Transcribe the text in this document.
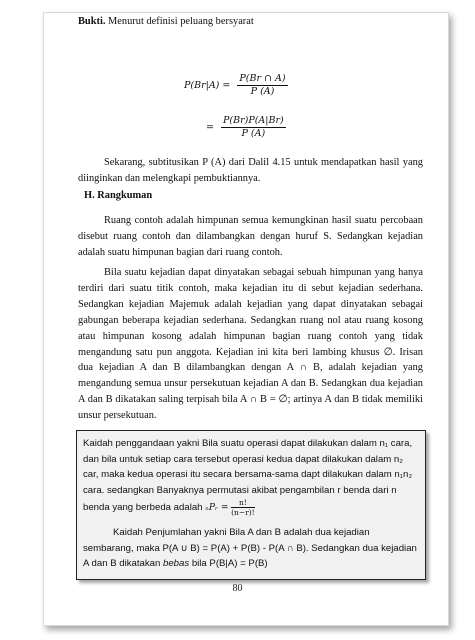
Bukti. Menurut definisi peluang bersyarat
$P(Br|A) = \frac{P(Br \cap A)}{P (A)}$
= $\frac{P(Br)P(A|Br)}{P (A)}$
Sekarang, subtitusikan P (A) dari Dalil 4.15 untuk mendapatkan hasil yang diinginkan dan melengkapi pembuktiannya.
H. Rangkuman
Ruang contoh adalah himpunan semua kemungkinan hasil suatu percobaan disebut ruang contoh dan dilambangkan dengan huruf S. Sedangkan kejadian adalah suatu himpunan bagian dari ruang contoh.
Bila suatu kejadian dapat dinyatakan sebagai sebuah himpunan yang hanya terdiri dari suatu titik contoh, maka kejadian itu di sebut kejadian sederhana. Sedangkan kejadian Majemuk adalah kejadian yang dapat dinyatakan sebagai gabungan beberapa kejadian sederhana. Sedangkan ruang nol atau ruang kosong atau himpunan kosong adalah himpunan bagian ruang contoh yang tidak mengandung satu pun anggota. Kejadian ini kita beri lambing khusus ∅. Irisan dua kejadian A dan B dilambangkan dengan A ∩ B, adalah kejadian yang mengandung semua unsur persekutuan kejadian A dan B. Sedangkan dua kejadian A dan B dikatakan saling terpisah bila A ∩ B = ∅; artinya A dan B tidak memiliki unsur persekutuan.
Kaidah penggandaan yakni Bila suatu operasi dapat dilakukan dalam n₁ cara, dan bila untuk setiap cara tersebut operasi kedua dapat dilakukan dalam n₂ car, maka kedua operasi itu secara bersama-sama dapt dilakukan dalam n₁n₂ cara. sedangkan Banyaknya permutasi akibat pengambilan r benda dari n benda yang berbeda adalah ₙPᵣ = $\frac{n!}{(n-r)!}$
Kaidah Penjumlahan yakni Bila A dan B adalah dua kejadian sembarang, maka P(A ∪ B) = P(A) + P(B) - P(A ∩ B). Sedangkan dua kejadian A dan B dikatakan bebas bila P(B|A) = P(B)
80
